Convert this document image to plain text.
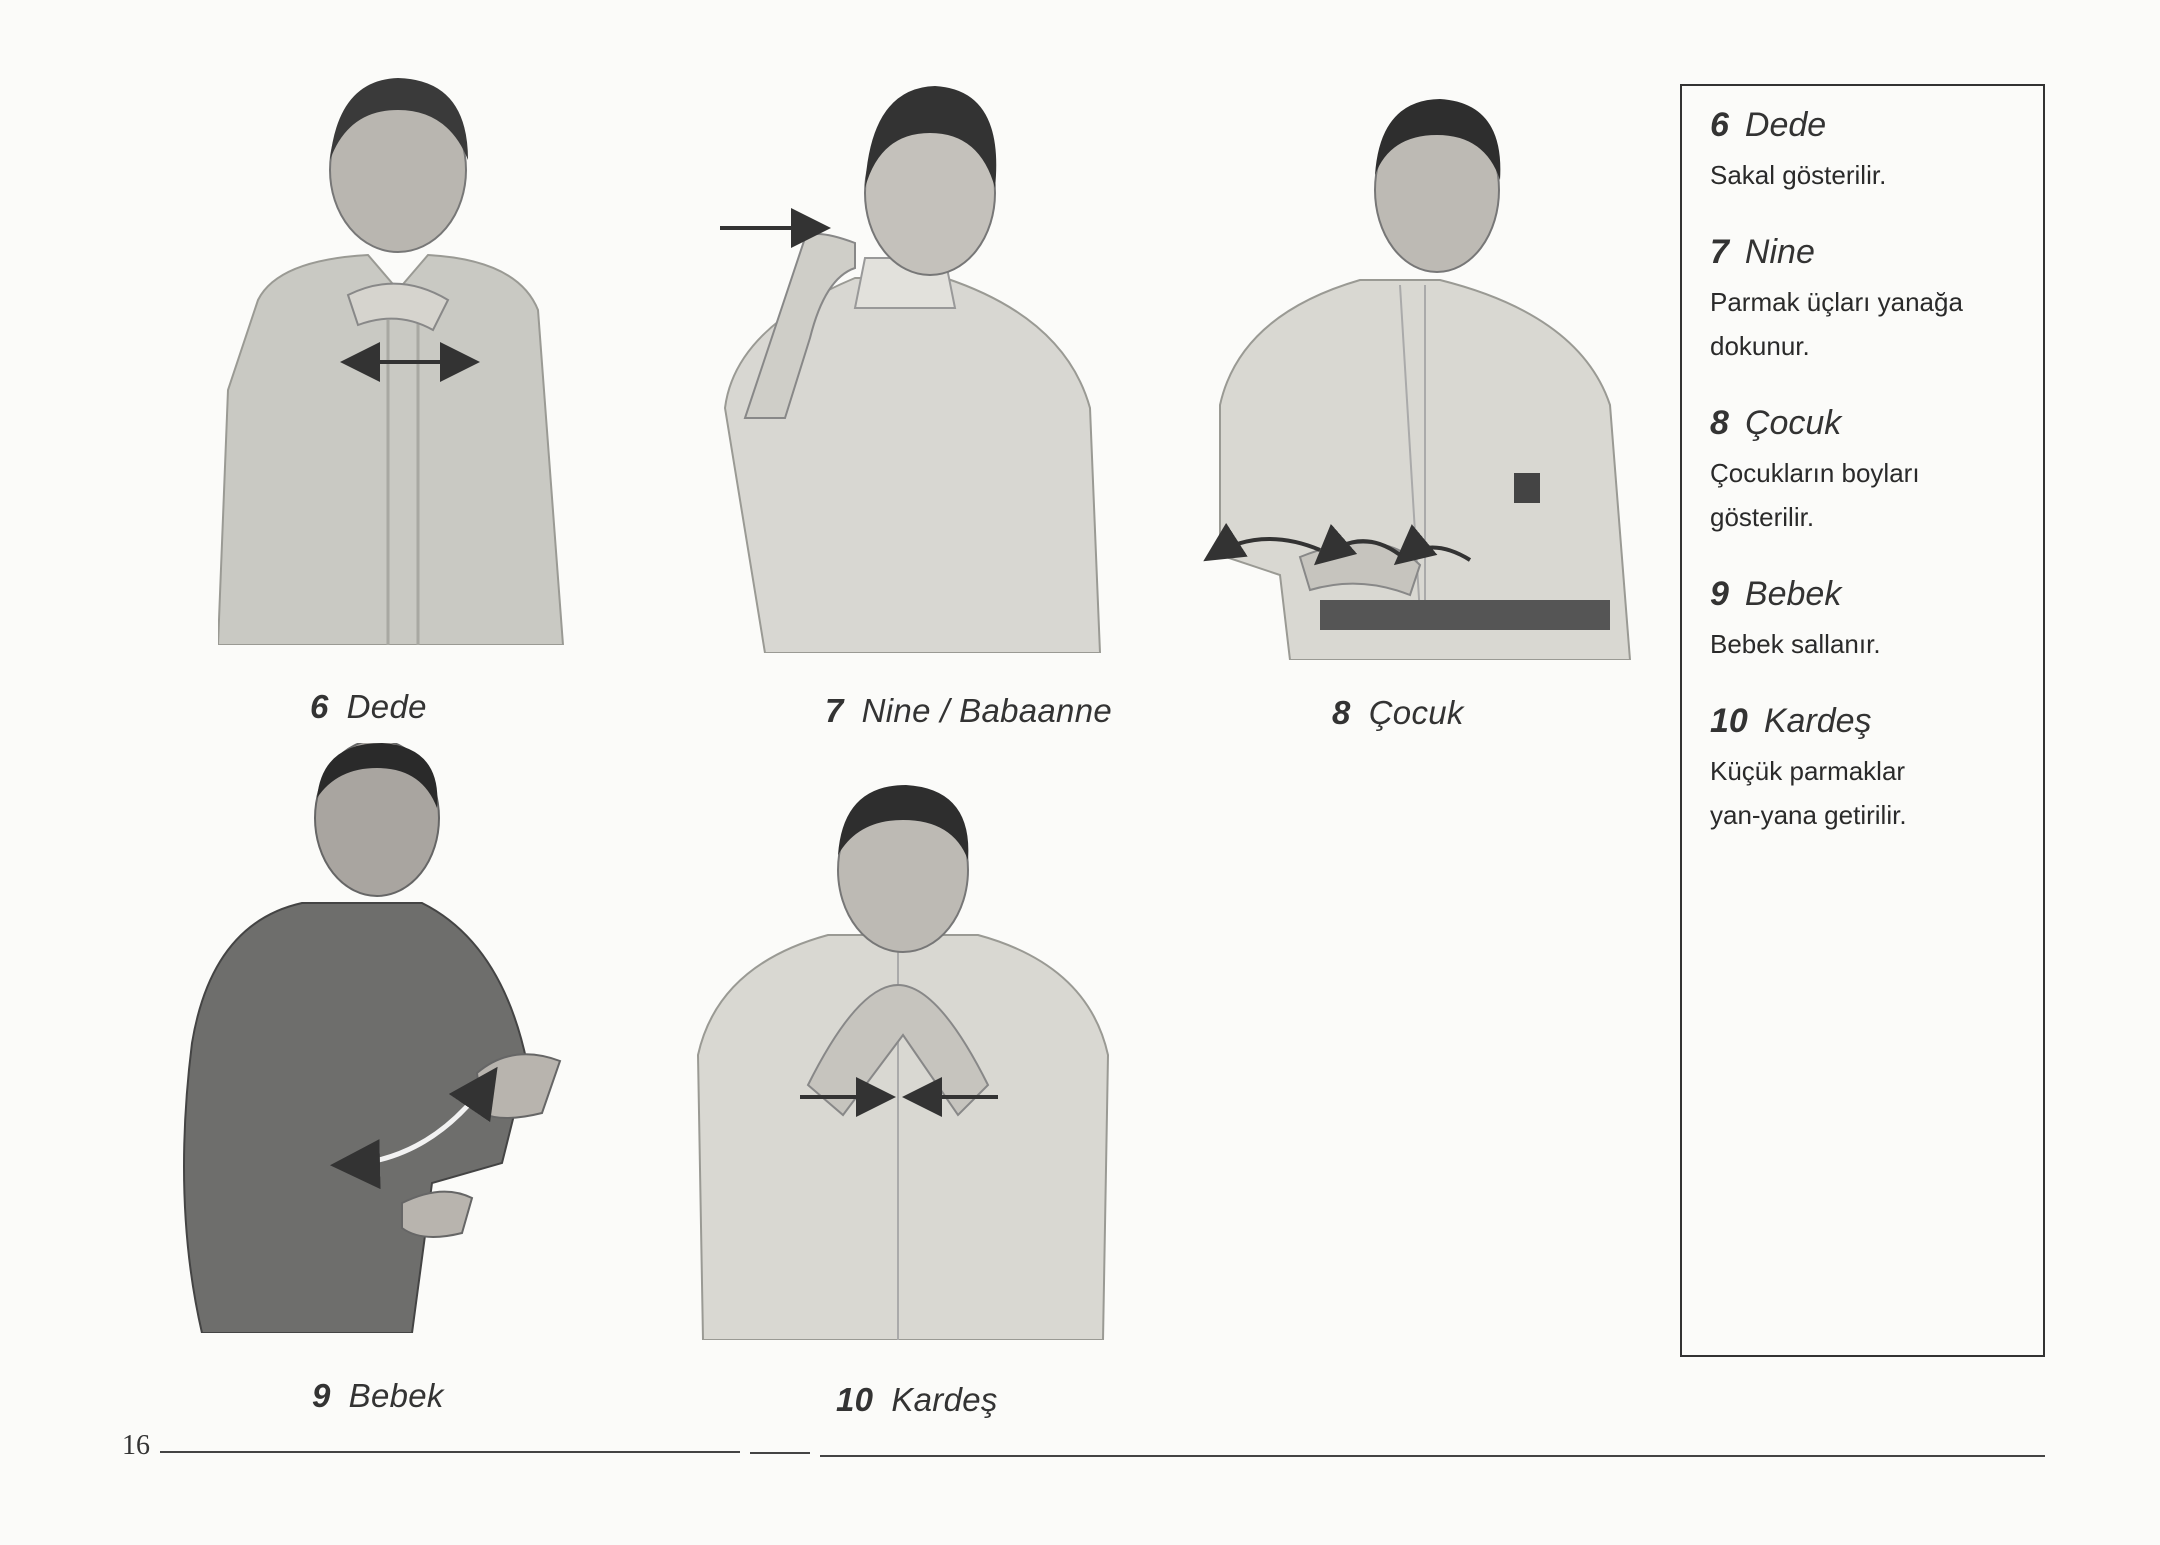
6 Dede	7 Nine / Babaanne	8 Çocuk
9 Bebek	10 Kardeş
6 Dede
Sakal gösterilir.
7 Nine
Parmak üçları yanağa
dokunur.
8 Çocuk
Çocukların boyları
gösterilir.
9 Bebek
Bebek sallanır.
10 Kardeş
Küçük parmaklar
yan-yana getirilir.
16
